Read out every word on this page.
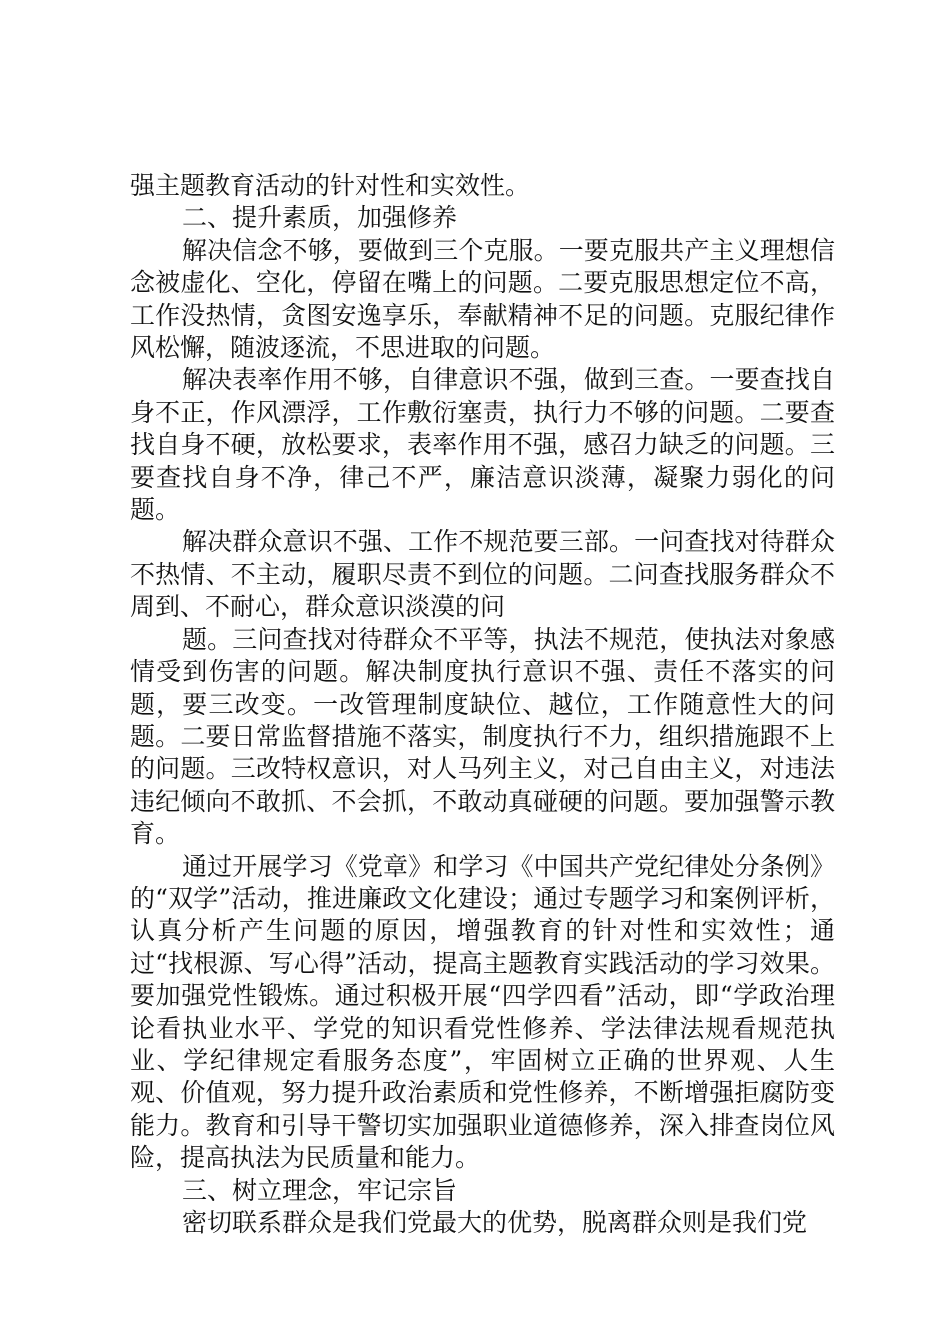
强主题教育活动的针对性和实效性。

二、提升素质，加强修养

解决信念不够，要做到三个克服。一要克服共产主义理想信念被虚化、空化，停留在嘴上的问题。二要克服思想定位不高，工作没热情，贪图安逸享乐，奉献精神不足的问题。克服纪律作风松懈，随波逐流，不思进取的问题。

解决表率作用不够，自律意识不强，做到三查。一要查找自身不正，作风漂浮，工作敷衍塞责，执行力不够的问题。二要查找自身不硬，放松要求，表率作用不强，感召力缺乏的问题。三要查找自身不净，律己不严，廉洁意识淡薄，凝聚力弱化的问题。

解决群众意识不强、工作不规范要三部。一问查找对待群众不热情、不主动，履职尽责不到位的问题。二问查找服务群众不周到、不耐心，群众意识淡漠的问

题。三问查找对待群众不平等，执法不规范，使执法对象感情受到伤害的问题。解决制度执行意识不强、责任不落实的问题，要三改变。一改管理制度缺位、越位，工作随意性大的问题。二要日常监督措施不落实，制度执行不力，组织措施跟不上的问题。三改特权意识，对人马列主义，对己自由主义，对违法违纪倾向不敢抓、不会抓，不敢动真碰硬的问题。要加强警示教育。

通过开展学习《党章》和学习《中国共产党纪律处分条例》的“双学”活动，推进廉政文化建设；通过专题学习和案例评析，认真分析产生问题的原因，增强教育的针对性和实效性；通过“找根源、写心得”活动，提高主题教育实践活动的学习效果。要加强党性锻炼。通过积极开展“四学四看”活动，即“学政治理论看执业水平、学党的知识看党性修养、学法律法规看规范执业、学纪律规定看服务态度”，牢固树立正确的世界观、人生观、价值观，努力提升政治素质和党性修养，不断增强拒腐防变能力。教育和引导干警切实加强职业道德修养，深入排查岗位风险，提高执法为民质量和能力。

三、树立理念，牢记宗旨

密切联系群众是我们党最大的优势，脱离群众则是我们党
